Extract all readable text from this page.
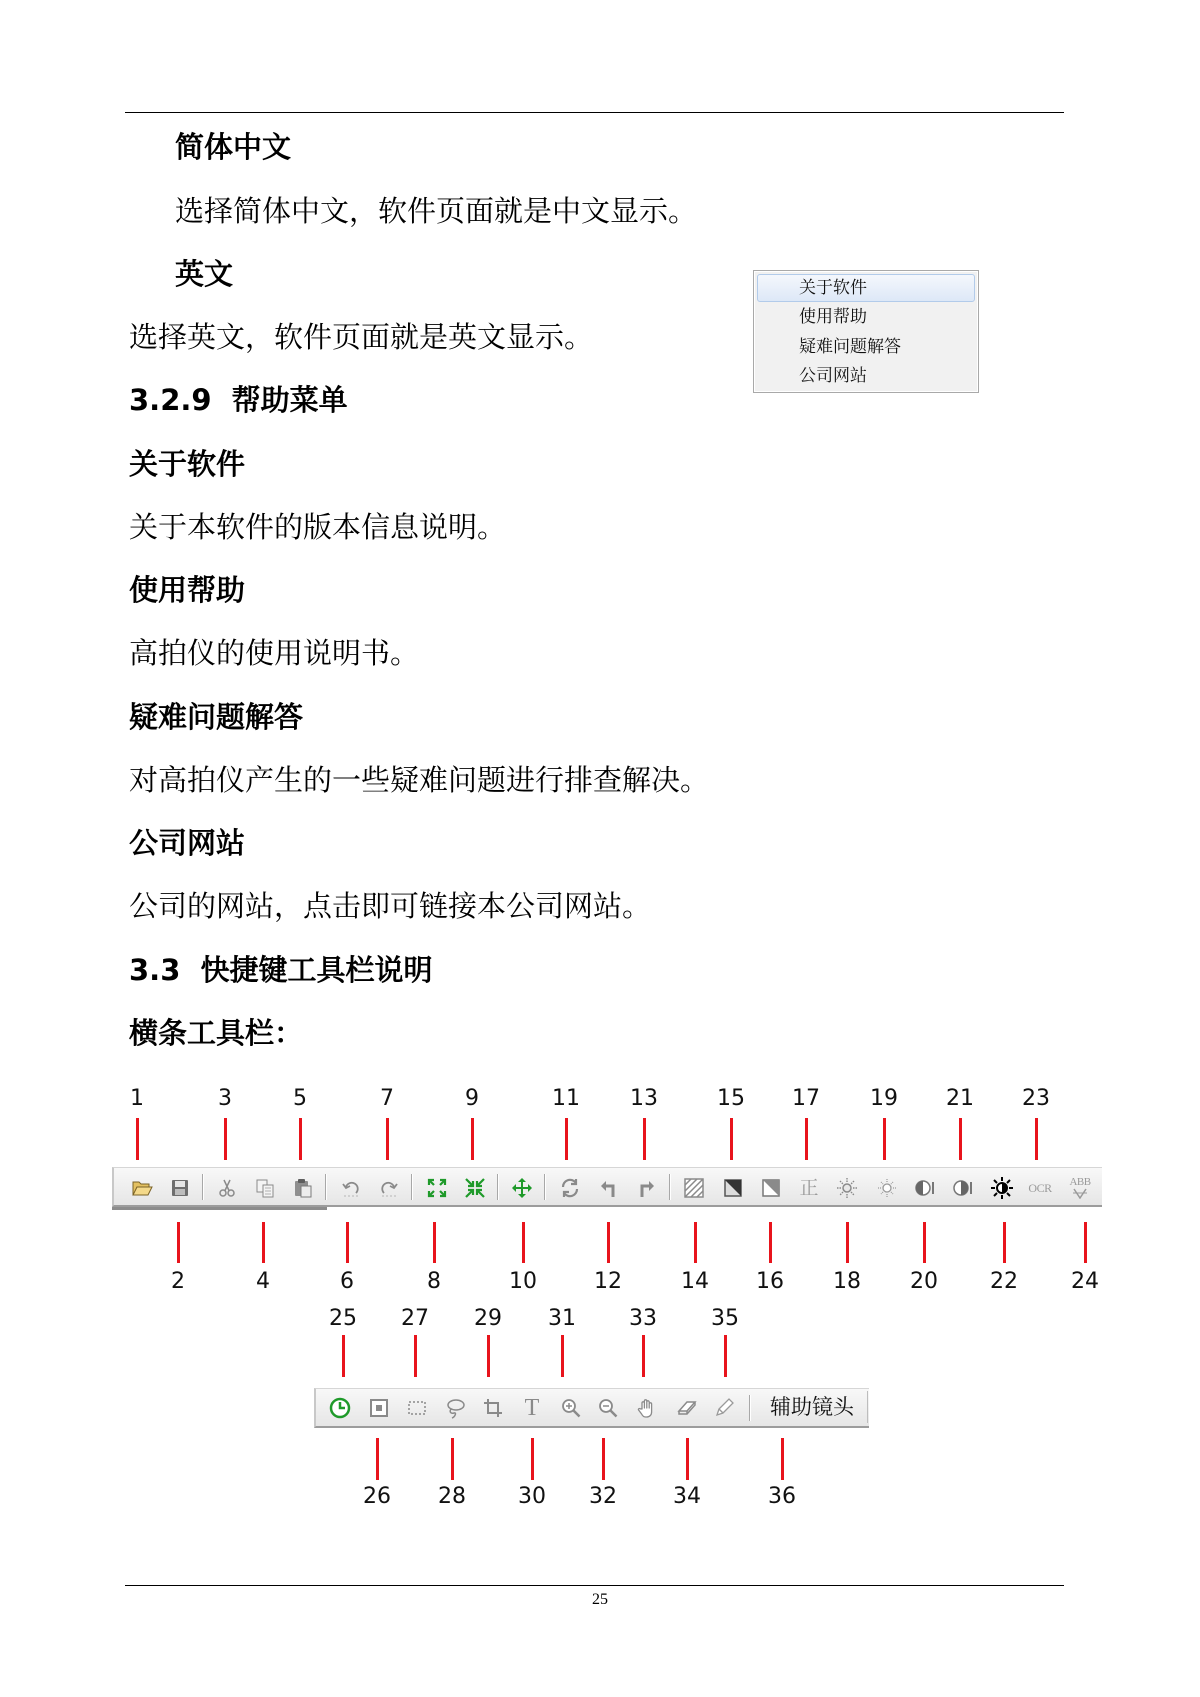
简体中文
选择简体中文，软件页面就是中文显示。
英文
选择英文，软件页面就是英文显示。
3.2.9 帮助菜单
关于软件
关于本软件的版本信息说明。
使用帮助
高拍仪的使用说明书。
疑难问题解答
对高拍仪产生的一些疑难问题进行排查解决。
公司网站
公司的网站，点击即可链接本公司网站。
3.3 快捷键工具栏说明
横条工具栏：
关于软件
使用帮助
疑难问题解答
公司网站
1	3	5	7	9	11	13	15	17	19	21	23
正	OCR ABB
2	4	6	8	10	12	14	16	18	20	22	24
25	27	29	31	33	35
T	辅助镜头
26	28	30	32	34	36
25
